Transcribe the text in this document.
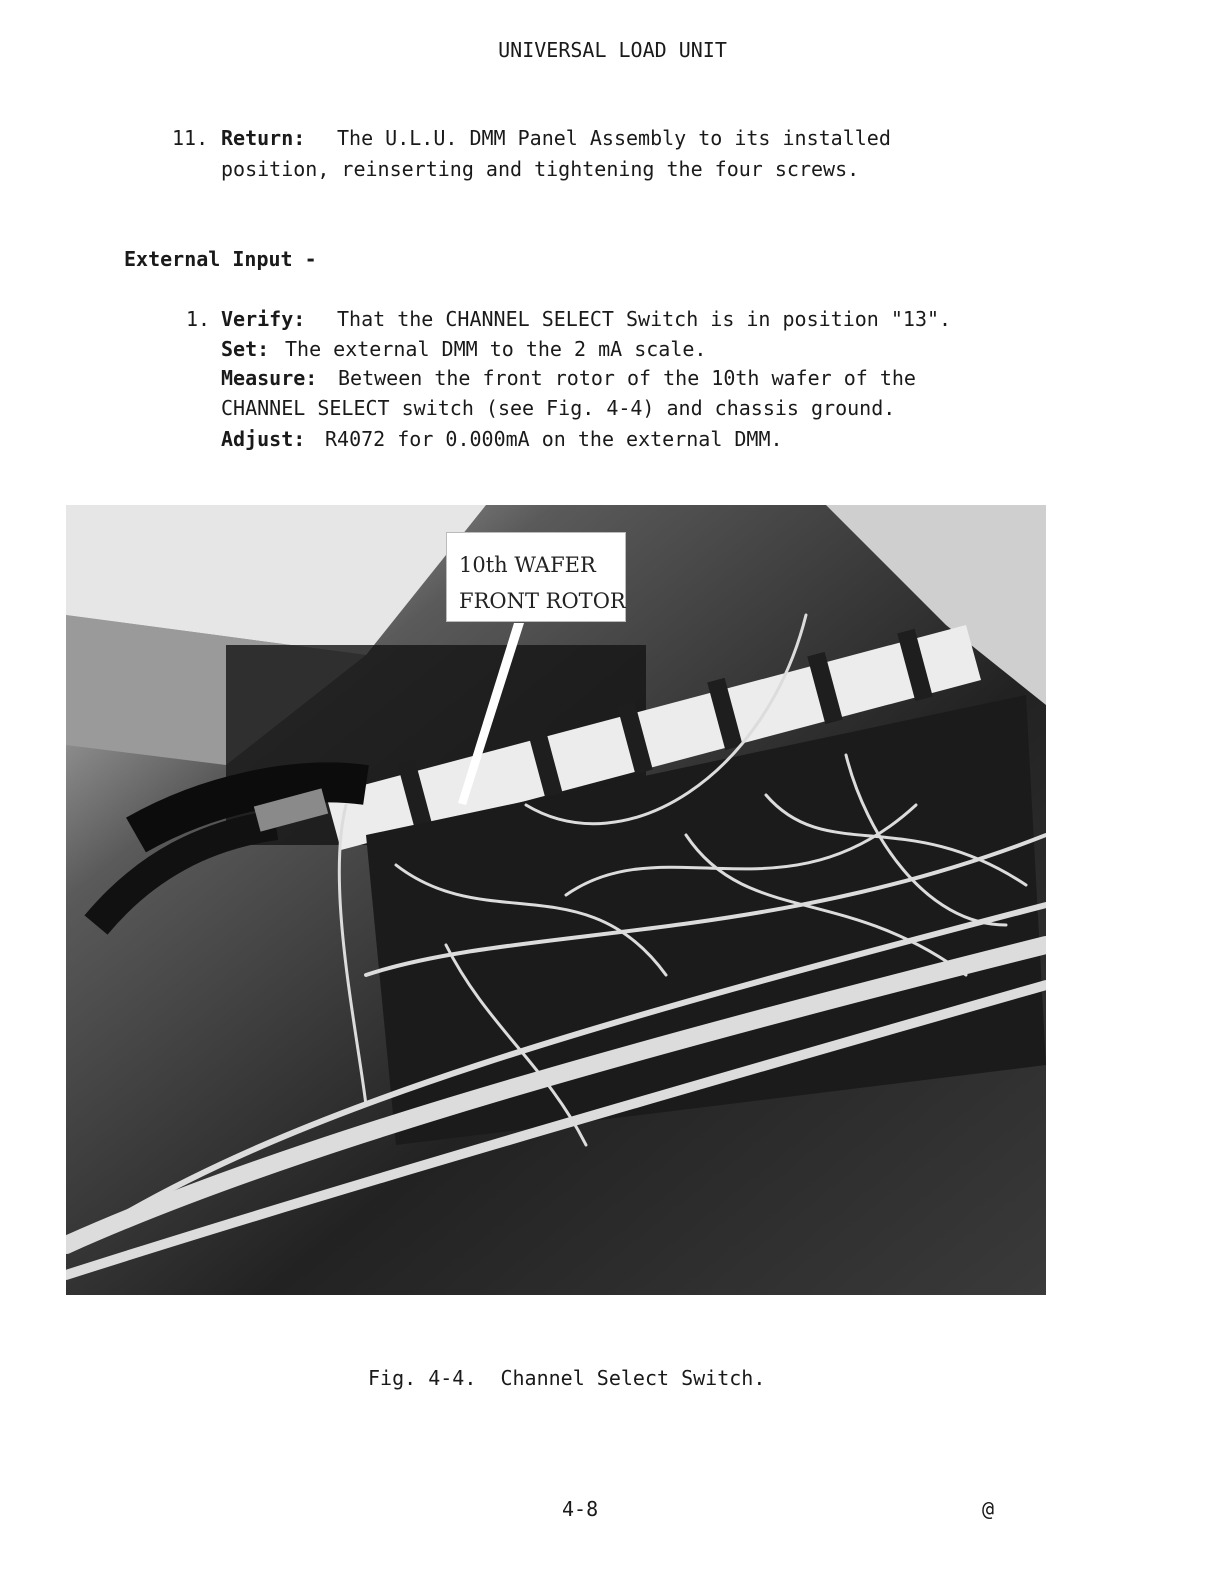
UNIVERSAL LOAD UNIT
11. Return: The U.L.U. DMM Panel Assembly to its installed
position, reinserting and tightening the four screws.
External Input -
1. Verify: That the CHANNEL SELECT Switch is in position "13".
Set: The external DMM to the 2 mA scale.
Measure: Between the front rotor of the 10th wafer of the
CHANNEL SELECT switch (see Fig. 4-4) and chassis ground.
Adjust: R4072 for 0.000mA on the external DMM.
10th WAFER
FRONT ROTOR
Fig. 4-4.  Channel Select Switch.
4-8	@
